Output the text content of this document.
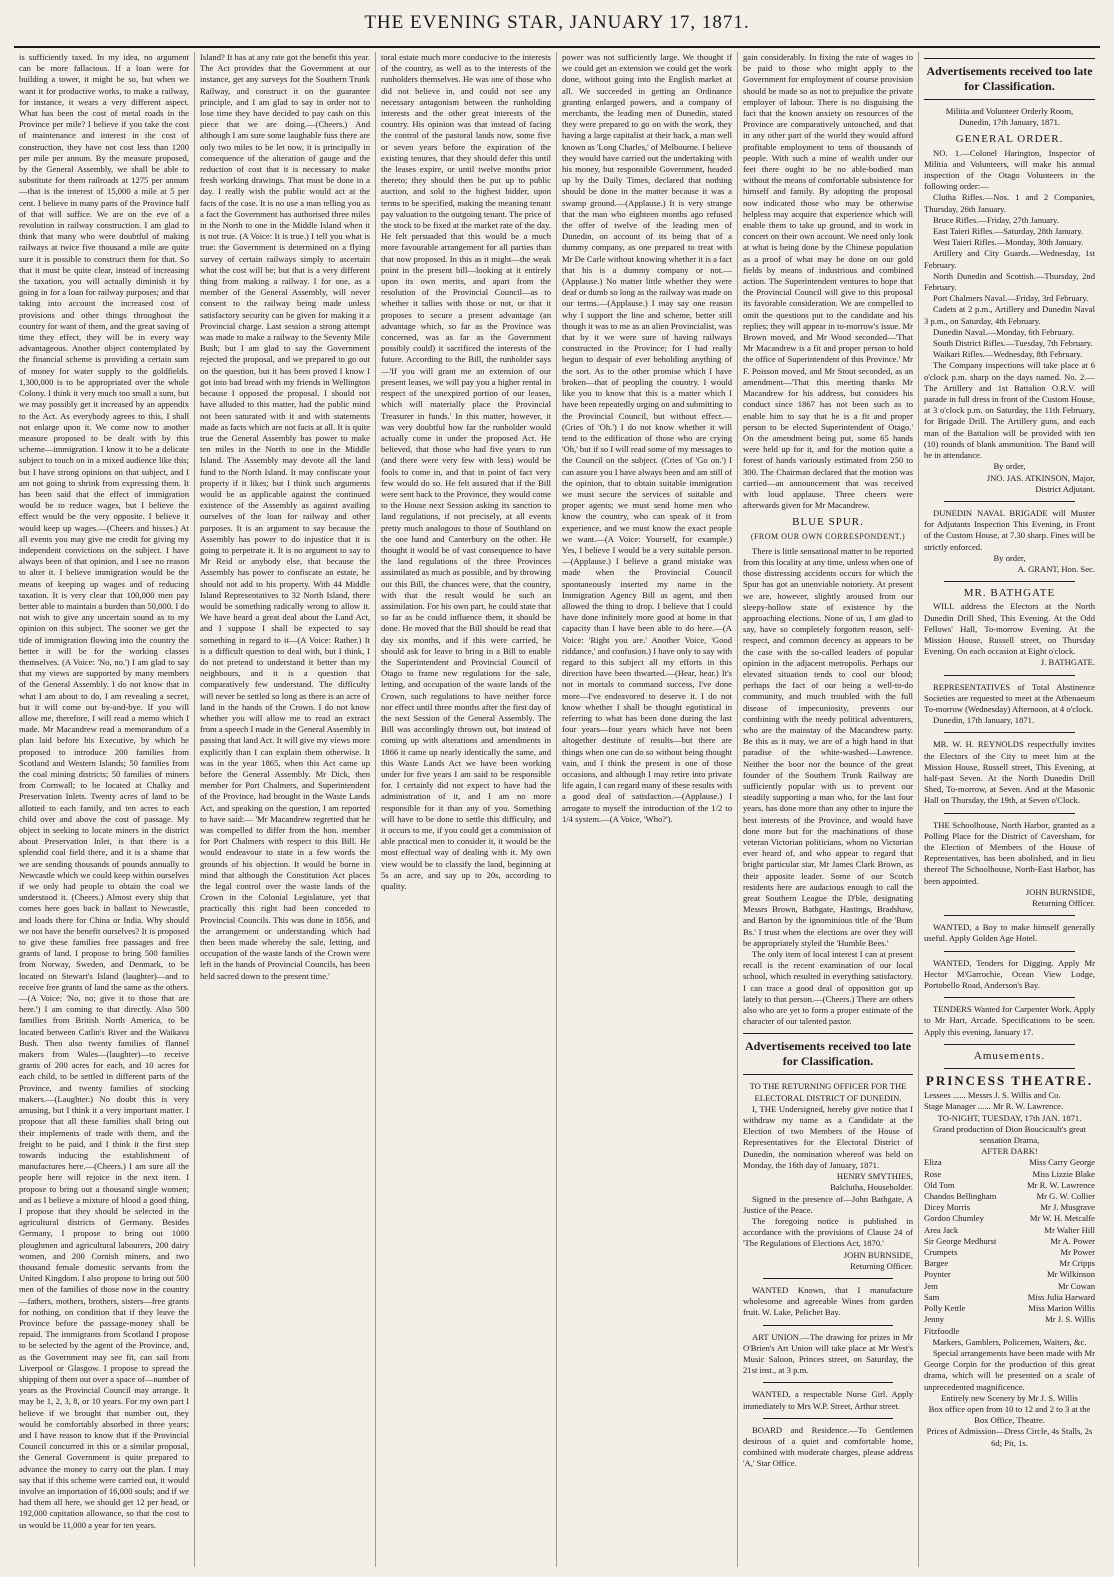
THE EVENING STAR, JANUARY 17, 1871.

is sufficiently taxed. In my idea, no argument can be more fallacious. If a loan were for building a tower, it might be so, but when we want it for productive works, to make a railway, for instance, it wears a very different aspect. What has been the cost of metal roads in the Province per mile? I believe if you take the cost of maintenance and interest in the cost of construction, they have not cost less than 1200 per mile per annum. By the measure proposed, by the General Assembly, we shall be able to substitute for them railroads at 1275 per annum—that is the interest of 15,000 a mile at 5 per cent. I believe in many parts of the Province half of that will suffice. We are on the eve of a revolution in railway construction. I am glad to think that many who were doubtful of making railways at twice five thousand a mile are quite sure it is possible to construct them for that. So that it must be quite clear, instead of increasing the taxation, you will actually diminish it by going in for a loan for railway purposes; and that taking into account the increased cost of provisions and other things throughout the country for want of them, and the great saving of time they effect, they will be in every way advantageous. Another object contemplated by the financial scheme is providing a certain sum of money for water supply to the goldfields. 1,300,000 is to be appropriated over the whole Colony. I think it very much too small a sum, but we may possibly get it increased by an appendix to the Act. As everybody agrees to this, I shall not enlarge upon it. We come now to another measure proposed to be dealt with by this scheme—immigration. I know it to be a delicate subject to touch on in a mixed audience like this; but I have strong opinions on that subject, and I am not going to shrink from expressing them. It has been said that the effect of immigration would be to reduce wages, but I believe the effect would be the very opposite. I believe it would keep up wages.—(Cheers and hisses.) At all events you may give me credit for giving my independent convictions on the subject. I have always been of that opinion, and I see no reason to alter it. I believe immigration would be the means of keeping up wages and of reducing taxation. It is very clear that 100,000 men pay better able to maintain a burden than 50,000. I do not wish to give any uncertain sound as to my opinion on this subject. The sooner we get the tide of immigration flowing into the country the better it will be for the working classes themselves. (A Voice: 'No, no.') I am glad to say that my views are supported by many members of the General Assembly. I do not know that in what I am about to do, I am revealing a secret, but it will come out by-and-bye. If you will allow me, therefore, I will read a memo which I made. Mr Macandrew read a memorandum of a plan laid before his Executive, by which he proposed to introduce 200 families from Scotland and Western Islands; 50 families from the coal mining districts; 50 families of miners from Cornwall; to be located at Chalky and Preservation Inlets. Twenty acres of land to be allotted to each family, and ten acres to each child over and above the cost of passage. My object in seeking to locate miners in the district about Preservation Inlet, is that there is a splendid coal field there, and it is a shame that we are sending thousands of pounds annually to Newcastle which we could keep within ourselves if we only had people to obtain the coal we understood it. (Cheers.) Almost every ship that comes here goes back in ballast to Newcastle, and loads there for China or India. Why should we not have the benefit ourselves? It is proposed to give these families free passages and free grants of land. I propose to bring 500 families from Norway, Sweden, and Denmark, to be located on Stewart's Island (laughter)—and to receive free grants of land the same as the others.—(A Voice: 'No, no; give it to those that are here.') I am coming to that directly. Also 500 families from British North America, to be located between Catlin's River and the Waikava Bush. Then also twenty families of flannel makers from Wales—(laughter)—to receive grants of 200 acres for each, and 10 acres for each child, to be settled in different parts of the Province, and twenty families of stocking makers.—(Laughter.) No doubt this is very amusing, but I think it a very important matter. I propose that all these families shall bring out their implements of trade with them, and the freight to be paid, and I think it the first step towards inducing the establishment of manufactures here.—(Cheers.) I am sure all the people here will rejoice in the next item. I propose to bring out a thousand single women; and as I believe a mixture of blood a good thing, I propose that they should be selected in the agricultural districts of Germany. Besides Germany, I propose to bring out 1000 ploughmen and agricultural labourers, 200 dairy women, and 200 Cornish miners, and two thousand female domestic servants from the United Kingdom. I also propose to bring out 500 men of the families of those now in the country—fathers, mothers, brothers, sisters—free grants for nothing, on condition that if they leave the Province before the passage-money shall be repaid. The immigrants from Scotland I propose to be selected by the agent of the Province, and, as the Government may see fit, can sail from Liverpool or Glasgow. I propose to spread the shipping of them out over a space of—number of years as the Provincial Council may arrange. It may be 1, 2, 3, 8, or 10 years. For my own part I believe if we brought that number out, they would be comfortably absorbed in three years; and I have reason to know that if the Provincial Council concurred in this or a similar proposal, the General Government is quite prepared to advance the money to carry out the plan. I may say that if this scheme were carried out, it would involve an importation of 16,000 souls; and if we had them all here, we should get 12 per head, or 192,000 capitation allowance, so that the cost to us would be 11,000 a year for ten years.

Island? It has at any rate got the benefit this year. The Act provides that the Government at our instance, get any surveys for the Southern Trunk Railway, and construct it on the guarantee principle, and I am glad to say in order not to lose time they have decided to pay cash on this piece that we are doing.—(Cheers.) And although I am sure some laughable fuss there are only two miles to be let now, it is principally in consequence of the alteration of gauge and the reduction of cost that it is necessary to make fresh working drawings. That must be done in a day. I really wish the public would act at the facts of the case. It is no use a man telling you as a fact the Government has authorised three miles in the North to one in the Middle Island when it is not true. (A Voice: It is true.) I tell you what is true: the Government is determined on a flying survey of certain railways simply to ascertain what the cost will be; but that is a very different thing from making a railway. I for one, as a member of the General Assembly, will never consent to the railway being made unless satisfactory security can be given for making it a Provincial charge. Last session a strong attempt was made to make a railway to the Seventy Mile Bush; but I am glad to say the Government rejected the proposal, and we prepared to go out on the question, but it has been proved I know I got into bad bread with my friends in Wellington because I opposed the proposal. I should not have alluded to this matter, had the public mind not been saturated with it and with statements made as facts which are not facts at all. It is quite true the General Assembly has power to make ten miles in the North to one in the Middle Island. The Assembly may devote all the land fund to the North Island. It may confiscate your property if it likes; but I think such arguments would be as applicable against the continued existence of the Assembly as against availing ourselves of the loan for railway and other purposes. It is an argument to say because the Assembly has power to do injustice that it is going to perpetrate it. It is no argument to say to Mr Reid or anybody else, that because the Assembly has power to confiscate an estate, he should not add to his property. With 44 Middle Island Representatives to 32 North Island, there would be something radically wrong to allow it. We have heard a great deal about the Land Act, and I suppose I shall be expected to say something in regard to it—(A Voice: Rather.) It is a difficult question to deal with, but I think, I do not pretend to understand it better than my neighbours, and it is a question that comparatively few understand. The difficulty will never be settled so long as there is an acre of land in the hands of the Crown. I do not know whether you will allow me to read an extract from a speech I made in the General Assembly in passing that land Act. It will give my views more explicitly than I can explain them otherwise. It was in the year 1865, when this Act came up before the General Assembly. Mr Dick, then member for Port Chalmers, and Superintendent of the Province, had brought in the Waste Lands Act, and speaking on the question, I am reported to have said:— 'Mr Macandrew regretted that he was compelled to differ from the hon. member for Port Chalmers with respect to this Bill. He would endeavour to state in a few words the grounds of his objection. It would be borne in mind that although the Constitution Act places the legal control over the waste lands of the Crown in the Colonial Legislature, yet that practically this right had been conceded to Provincial Councils. This was done in 1856, and the arrangement or understanding which had then been made whereby the sale, letting, and occupation of the waste lands of the Crown were left in the hands of Provincial Councils, has been held sacred down to the present time.'

toral estate much more conducive to the interests of the country, as well as to the interests of the runholders themselves. He was one of those who did not believe in, and could not see any necessary antagonism between the runholding interests and the other great interests of the country. His opinion was that instead of facing the control of the pastoral lands now, some five or seven years before the expiration of the existing tenures, that they should defer this until the leases expire, or until twelve months prior thereto; they should then be put up to public auction, and sold to the highest bidder, upon terms to be specified, making the meaning tenant pay valuation to the outgoing tenant. The price of the stock to be fixed at the market rate of the day. He felt persuaded that this would be a much more favourable arrangement for all parties than that now proposed. In this as it might—the weak point in the present bill—looking at it entirely upon its own merits, and apart from the resolution of the Provincial Council—as to whether it tallies with those or not, or that it proposes to secure a present advantage (an advantage which, so far as the Province was concerned, was as far as the Government possibly could) it sacrificed the interests of the future. According to the Bill, the runholder says—'If you will grant me an extension of our present leases, we will pay you a higher rental in respect of the unexpired portion of our leases, which will materially place the Provincial Treasurer in funds.' In this matter, however, it was very doubtful how far the runholder would actually come in under the proposed Act. He believed, that those who had five years to run (and there were very few with less) would be fools to come in, and that in point of fact very few would do so. He felt assured that if the Bill were sent back to the Province, they would come to the House next Session asking its sanction to land regulations, if not precisely, at all events pretty much analogous to those of Southland on the one hand and Canterbury on the other. He thought it would be of vast consequence to have the land regulations of the three Provinces assimilated as much as possible, and by throwing out this Bill, the chances were, that the country, with that the result would be such an assimilation. For his own part, he could state that so far as he could influence them, it should be done. He moved that the Bill should be read that day six months, and if this were carried, he should ask for leave to bring in a Bill to enable the Superintendent and Provincial Council of Otago to frame new regulations for the sale, letting, and occupation of the waste lands of the Crown, such regulations to have neither force nor effect until three months after the first day of the next Session of the General Assembly. The Bill was accordingly thrown out, but instead of coming up with alterations and amendments in 1866 it came up nearly identically the same, and this Waste Lands Act we have been working under for five years I am said to be responsible for. I certainly did not expect to have had the administration of it, and I am no more responsible for it than any of you. Something will have to be done to settle this difficulty, and it occurs to me, if you could get a commission of able practical men to consider it, it would be the most effectual way of dealing with it. My own view would be to classify the land, beginning at 5s an acre, and say up to 20s, according to quality.

power was not sufficiently large. We thought if we could get an extension we could get the work done, without going into the English market at all. We succeeded in getting an Ordinance granting enlarged powers, and a company of merchants, the leading men of Dunedin, stated they were prepared to go on with the work, they having a large capitalist at their back, a man well known as 'Long Charles,' of Melbourne. I believe they would have carried out the undertaking with his money, but responsible Government, headed up by the Daily Times, declared that nothing should be done in the matter because it was a swamp ground.—(Applause.) It is very strange that the man who eighteen months ago refused the offer of twelve of the leading men of Dunedin, on account of its being that of a dummy company, as one prepared to treat with Mr De Carle without knowing whether it is a fact that his is a dummy company or not.—(Applause.) No matter little whether they were deaf or dumb so long as the railway was made on our terms.—(Applause.) I may say one reason why I support the line and scheme, better still though it was to me as an alien Provincialist, was that by it we were sure of having railways constructed in the Province; for I had really begun to despair of ever beholding anything of the sort. As to the other promise which I have broken—that of peopling the country. I would like you to know that this is a matter which I have been repeatedly urging on and submitting to the Provincial Council, but without effect.—(Cries of 'Oh.') I do not know whether it will tend to the edification of those who are crying 'Oh,' but if so I will read some of my messages to the Council on the subject. (Cries of 'Go on.') I can assure you I have always been and am still of the opinion, that to obtain suitable immigration we must secure the services of suitable and proper agents; we must send home men who know the country, who can speak of it from experience, and we must know the exact people we want.—(A Voice: Yourself, for example.) Yes, I believe I would be a very suitable person.—(Applause.) I believe a grand mistake was made when the Provincial Council spontaneously inserted my name in the Immigration Agency Bill as agent, and then allowed the thing to drop. I believe that I could have done infinitely more good at home in that capacity than I have been able to do here.—(A Voice: 'Right you are.' Another Voice, 'Good riddance,' and confusion.) I have only to say with regard to this subject all my efforts in this direction have been thwarted.—(Hear, hear.) It's not in mortals to command success, I've done more—I've endeavored to deserve it. I do not know whether I shall be thought egotistical in referring to what has been done during the last four years—four years which have not been altogether destitute of results—but there are things when one can do so without being thought vain, and I think the present is one of those occasions, and although I may retire into private life again, I can regard many of these results with a good deal of satisfaction.—(Applause.) I arrogate to myself the introduction of the 1/2 to 1/4 system.—(A Voice, 'Who?').

gain considerably. In fixing the rate of wages to be paid to those who might apply to the Government for employment of course provision should be made so as not to prejudice the private employer of labour. There is no disguising the fact that the known anxiety on resources of the Province are comparatively untouched, and that in any other part of the world they would afford profitable employment to tens of thousands of people. With such a mine of wealth under our feet there ought to be no able-bodied man without the means of comfortable subsistence for himself and family. By adopting the proposal now indicated those who may be otherwise helpless may acquire that experience which will enable them to take up ground, and to work in concert on their own account. We need only look at what is being done by the Chinese population as a proof of what may be done on our gold fields by means of industrious and combined action. The Superintendent ventures to hope that the Provincial Council will give to this proposal its favorable consideration. We are compelled to omit the questions put to the candidate and his replies; they will appear in to-morrow's issue. Mr Brown moved, and Mr Wood seconded—'That Mr Macandrew is a fit and proper person to hold the office of Superintendent of this Province.' Mr F. Poisson moved, and Mr Stout seconded, as an amendment—'That this meeting thanks Mr Macandrew for his address, but considers his conduct since 1867 has not been such as to enable him to say that he is a fit and proper person to be elected Superintendent of Otago.' On the amendment being put, some 65 hands were held up for it, and for the motion quite a forest of hands variously estimated from 250 to 300. The Chairman declared that the motion was carried—an announcement that was received with loud applause. Three cheers were afterwards given for Mr Macandrew.

BLUE SPUR.
(FROM OUR OWN CORRESPONDENT.)

There is little sensational matter to be reported from this locality at any time, unless when one of those distressing accidents occurs for which the Spur has got an unenviable notoriety. At present we are, however, slightly aroused from our sleepy-hollow state of existence by the approaching elections. None of us, I am glad to say, have so completely forgotten reason, self-respect, and common decency as appears to be the case with the so-called leaders of popular opinion in the adjacent metropolis. Perhaps our elevated situation tends to cool our blood; perhaps the fact of our being a well-to-do community, and much troubled with the full disease of impecuniosity, prevents our combining with the needy political adventurers, who are the mainstay of the Macandrew party. Be this as it may, we are of a high hand in that paradise of the white-washed—Lawrence. Neither the boor nor the bounce of the great founder of the Southern Trunk Railway are sufficiently popular with us to prevent our steadily supporting a man who, for the last four years, has done more than any other to injure the best interests of the Province, and would have done more but for the machinations of those veteran Victorian politicians, whom no Victorian ever heard of, and who appear to regard that bright particular star, Mr James Clark Brown, as their apposite leader. Some of our Scotch residents here are audacious enough to call the great Southern League the D'ble, designating Messrs Brown, Bathgate, Hastings, Bradshaw, and Barton by the ignominious title of the 'Bum Bs.' I trust when the elections are over they will be appropriately styled the 'Humble Bees.'

The only item of local interest I can at present recall is the recent examination of our local school, which resulted in everything satisfactory. I can trace a good deal of opposition got up lately to that person.—(Cheers.) There are others also who are yet to form a proper estimate of the character of our talented pastor.

Advertisements received too late for Classification.

TO THE RETURNING OFFICER FOR THE ELECTORAL DISTRICT OF DUNEDIN.

I, THE Undersigned, hereby give notice that I withdraw my name as a Candidate at the Election of two Members of the House of Representatives for the Electoral District of Dunedin, the nomination whereof was held on Monday, the 16th day of January, 1871.

HENRY SMYTHIES,

Balclutha, Householder.

Signed in the presence of—John Bathgate, A Justice of the Peace.

The foregoing notice is published in accordance with the provisions of Clause 24 of 'The Regulations of Elections Act, 1870.'

JOHN BURNSIDE,

Returning Officer.

WANTED Known, that I manufacture wholesome and agreeable Wines from garden fruit. W. Lake, Pelichet Bay.

ART UNION.—The drawing for prizes in Mr O'Brien's Art Union will take place at Mr West's Music Saloon, Princes street, on Saturday, the 21st inst., at 3 p.m.

WANTED, a respectable Nurse Girl. Apply immediately to Mrs W.P. Street, Arthur street.

BOARD and Residence.—To Gentlemen desirous of a quiet and comfortable home, combined with moderate charges, please address 'A,' Star Office.

Advertisements received too late for Classification.

Militia and Volunteer Orderly Room,

Dunedin, 17th January, 1871.

GENERAL ORDER.

NO. 1.—Colonel Harington, Inspector of Militia and Volunteers, will make his annual inspection of the Otago Volunteers in the following order:—

Clutha Rifles.—Nos. 1 and 2 Companies, Thursday, 26th January.

Bruce Rifles.—Friday, 27th January.

East Taieri Rifles.—Saturday, 28th January.

West Taieri Rifles.—Monday, 30th January.

Artillery and City Guards.—Wednesday, 1st February.

North Dunedin and Scottish.—Thursday, 2nd February.

Port Chalmers Naval.—Friday, 3rd February.

Cadets at 2 p.m., Artillery and Dunedin Naval 3 p.m., on Saturday, 4th February.

Dunedin Naval.—Monday, 6th February.

South District Rifles.—Tuesday, 7th February.

Waikari Rifles.—Wednesday, 8th February.

The Company inspections will take place at 6 o'clock p.m. sharp on the days named. No. 2.—The Artillery and 1st Battalion O.R.V. will parade in full dress in front of the Custom House, at 3 o'clock p.m. on Saturday, the 11th February, for Brigade Drill. The Artillery guns, and each man of the Battalion will be provided with ten (10) rounds of blank ammunition. The Band will be in attendance.

By order,

JNO. JAS. ATKINSON, Major,

District Adjutant.

DUNEDIN NAVAL BRIGADE will Muster for Adjutants Inspection This Evening, in Front of the Custom House, at 7.30 sharp. Fines will be strictly enforced.

By order,

A. GRANT, Hon. Sec.

MR. BATHGATE

WILL address the Electors at the North Dunedin Drill Shed, This Evening. At the Odd Fellows' Hall, To-morrow Evening. At the Mission House, Russell street, on Thursday Evening. On each occasion at Eight o'clock.

J. BATHGATE.

REPRESENTATIVES of Total Abstinence Societies are requested to meet at the Athenaeum To-morrow (Wednesday) Afternoon, at 4 o'clock.

Dunedin, 17th January, 1871.

MR. W. H. REYNOLDS respectfully invites the Electors of the City to meet him at the Mission House, Russell street, This Evening, at half-past Seven. At the North Dunedin Drill Shed, To-morrow, at Seven. And at the Masonic Hall on Thursday, the 19th, at Seven o'Clock.

THE Schoolhouse, North Harbor, granted as a Polling Place for the District of Caversham, for the Election of Members of the House of Representatives, has been abolished, and in lieu thereof The Schoolhouse, North-East Harbor, has been appointed.

JOHN BURNSIDE,

Returning Officer.

WANTED, a Boy to make himself generally useful. Apply Golden Age Hotel.

WANTED, Tenders for Digging. Apply Mr Hector M'Garrochie, Ocean View Lodge, Portobello Road, Anderson's Bay.

TENDERS Wanted for Carpenter Work. Apply to Mr Hart, Arcade. Specifications to be seen. Apply this evening, January 17.

Amusements.
PRINCESS THEATRE.

Lessees ...... Messrs J. S. Willis and Co.

Stage Manager ...... Mr R. W. Lawrence.

TO-NIGHT, TUESDAY, 17th JAN. 1871.

Grand production of Dion Boucicault's great sensation Drama,

AFTER DARK!

Eliza	Miss Carry George
Rose	Miss Lizzie Blake
Old Tom	Mr R. W. Lawrence
Chandos Bellingham	Mr G. W. Collier
Dicey Morris	Mr J. Musgrave
Gordon Chumley	Mr W. H. Metcalfe
Area Jack	Mr Walter Hill
Sir George Medhurst	Mr A. Power
Crumpets	Mr Power
Bargee	Mr Cripps
Poynter	Mr Wilkinson
Jem	Mr Cowan
Sam	Miss Julia Harward
Polly Kettle	Miss Marion Willis
Jenny	Mr J. S. Willis
Fitzfoodle

Markers, Gamblers, Policemen, Waiters, &c.

Special arrangements have been made with Mr George Corpin for the production of this great drama, which will be presented on a scale of unprecedented magnificence.

Entirely new Scenery by Mr J. S. Willis

Box office open from 10 to 12 and 2 to 3 at the Box Office, Theatre.

Prices of Admission—Dress Circle, 4s Stalls, 2s 6d; Pit, 1s.
